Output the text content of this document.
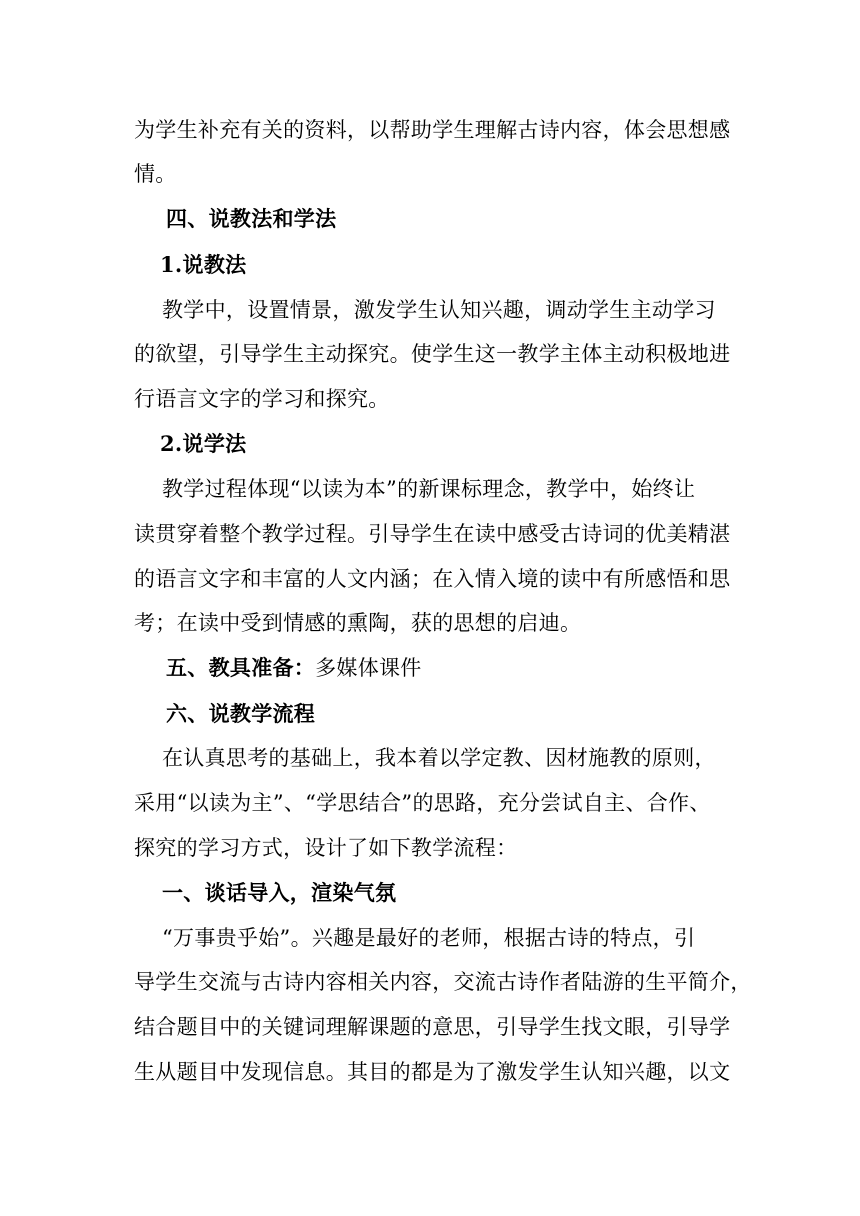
为学生补充有关的资料，以帮助学生理解古诗内容，体会思想感

情。

四、说教法和学法

1.说教法

教学中，设置情景，激发学生认知兴趣，调动学生主动学习

的欲望，引导学生主动探究。使学生这一教学主体主动积极地进

行语言文字的学习和探究。

2.说学法

教学过程体现“以读为本”的新课标理念，教学中，始终让

读贯穿着整个教学过程。引导学生在读中感受古诗词的优美精湛

的语言文字和丰富的人文内涵；在入情入境的读中有所感悟和思

考；在读中受到情感的熏陶，获的思想的启迪。

五、教具准备：多媒体课件

六、说教学流程

在认真思考的基础上，我本着以学定教、因材施教的原则，

采用“以读为主”、“学思结合”的思路，充分尝试自主、合作、

探究的学习方式，设计了如下教学流程：

一、谈话导入，渲染气氛

“万事贵乎始”。兴趣是最好的老师，根据古诗的特点，引

导学生交流与古诗内容相关内容，交流古诗作者陆游的生平简介，

结合题目中的关键词理解课题的意思，引导学生找文眼，引导学

生从题目中发现信息。其目的都是为了激发学生认知兴趣，以文
